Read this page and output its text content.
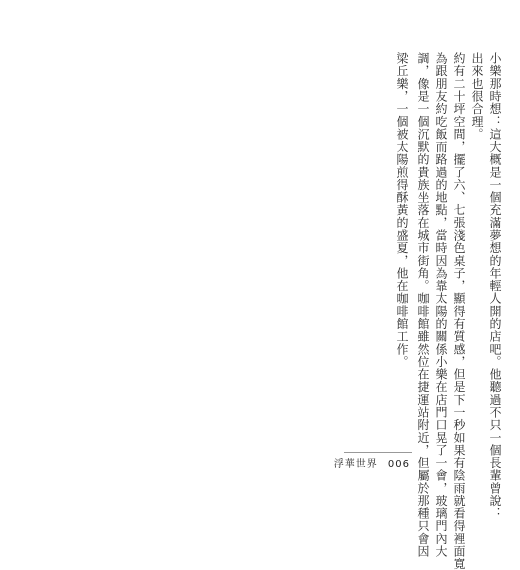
梁丘樂，一個被太陽煎得酥黃的盛夏，他在咖啡館工作。 調，像是一個沉默的貴族坐落在城市街角。咖啡館雖然位在捷運站附近，但屬於那種只會因 為跟朋友約吃飯而路過的地點，當時因為靠太陽的關係小樂在店門口晃了一會，玻璃門內大 約有二十坪空間，擺了六、七張淺色桌子，顯得有質感，但是下一秒如果有陰雨就看得裡面寬 出來也很合理。 小樂那時想：這大概是一個充滿夢想的年輕人開的店吧。他聽過不只一個長輩曾說：
浮華世界 006
